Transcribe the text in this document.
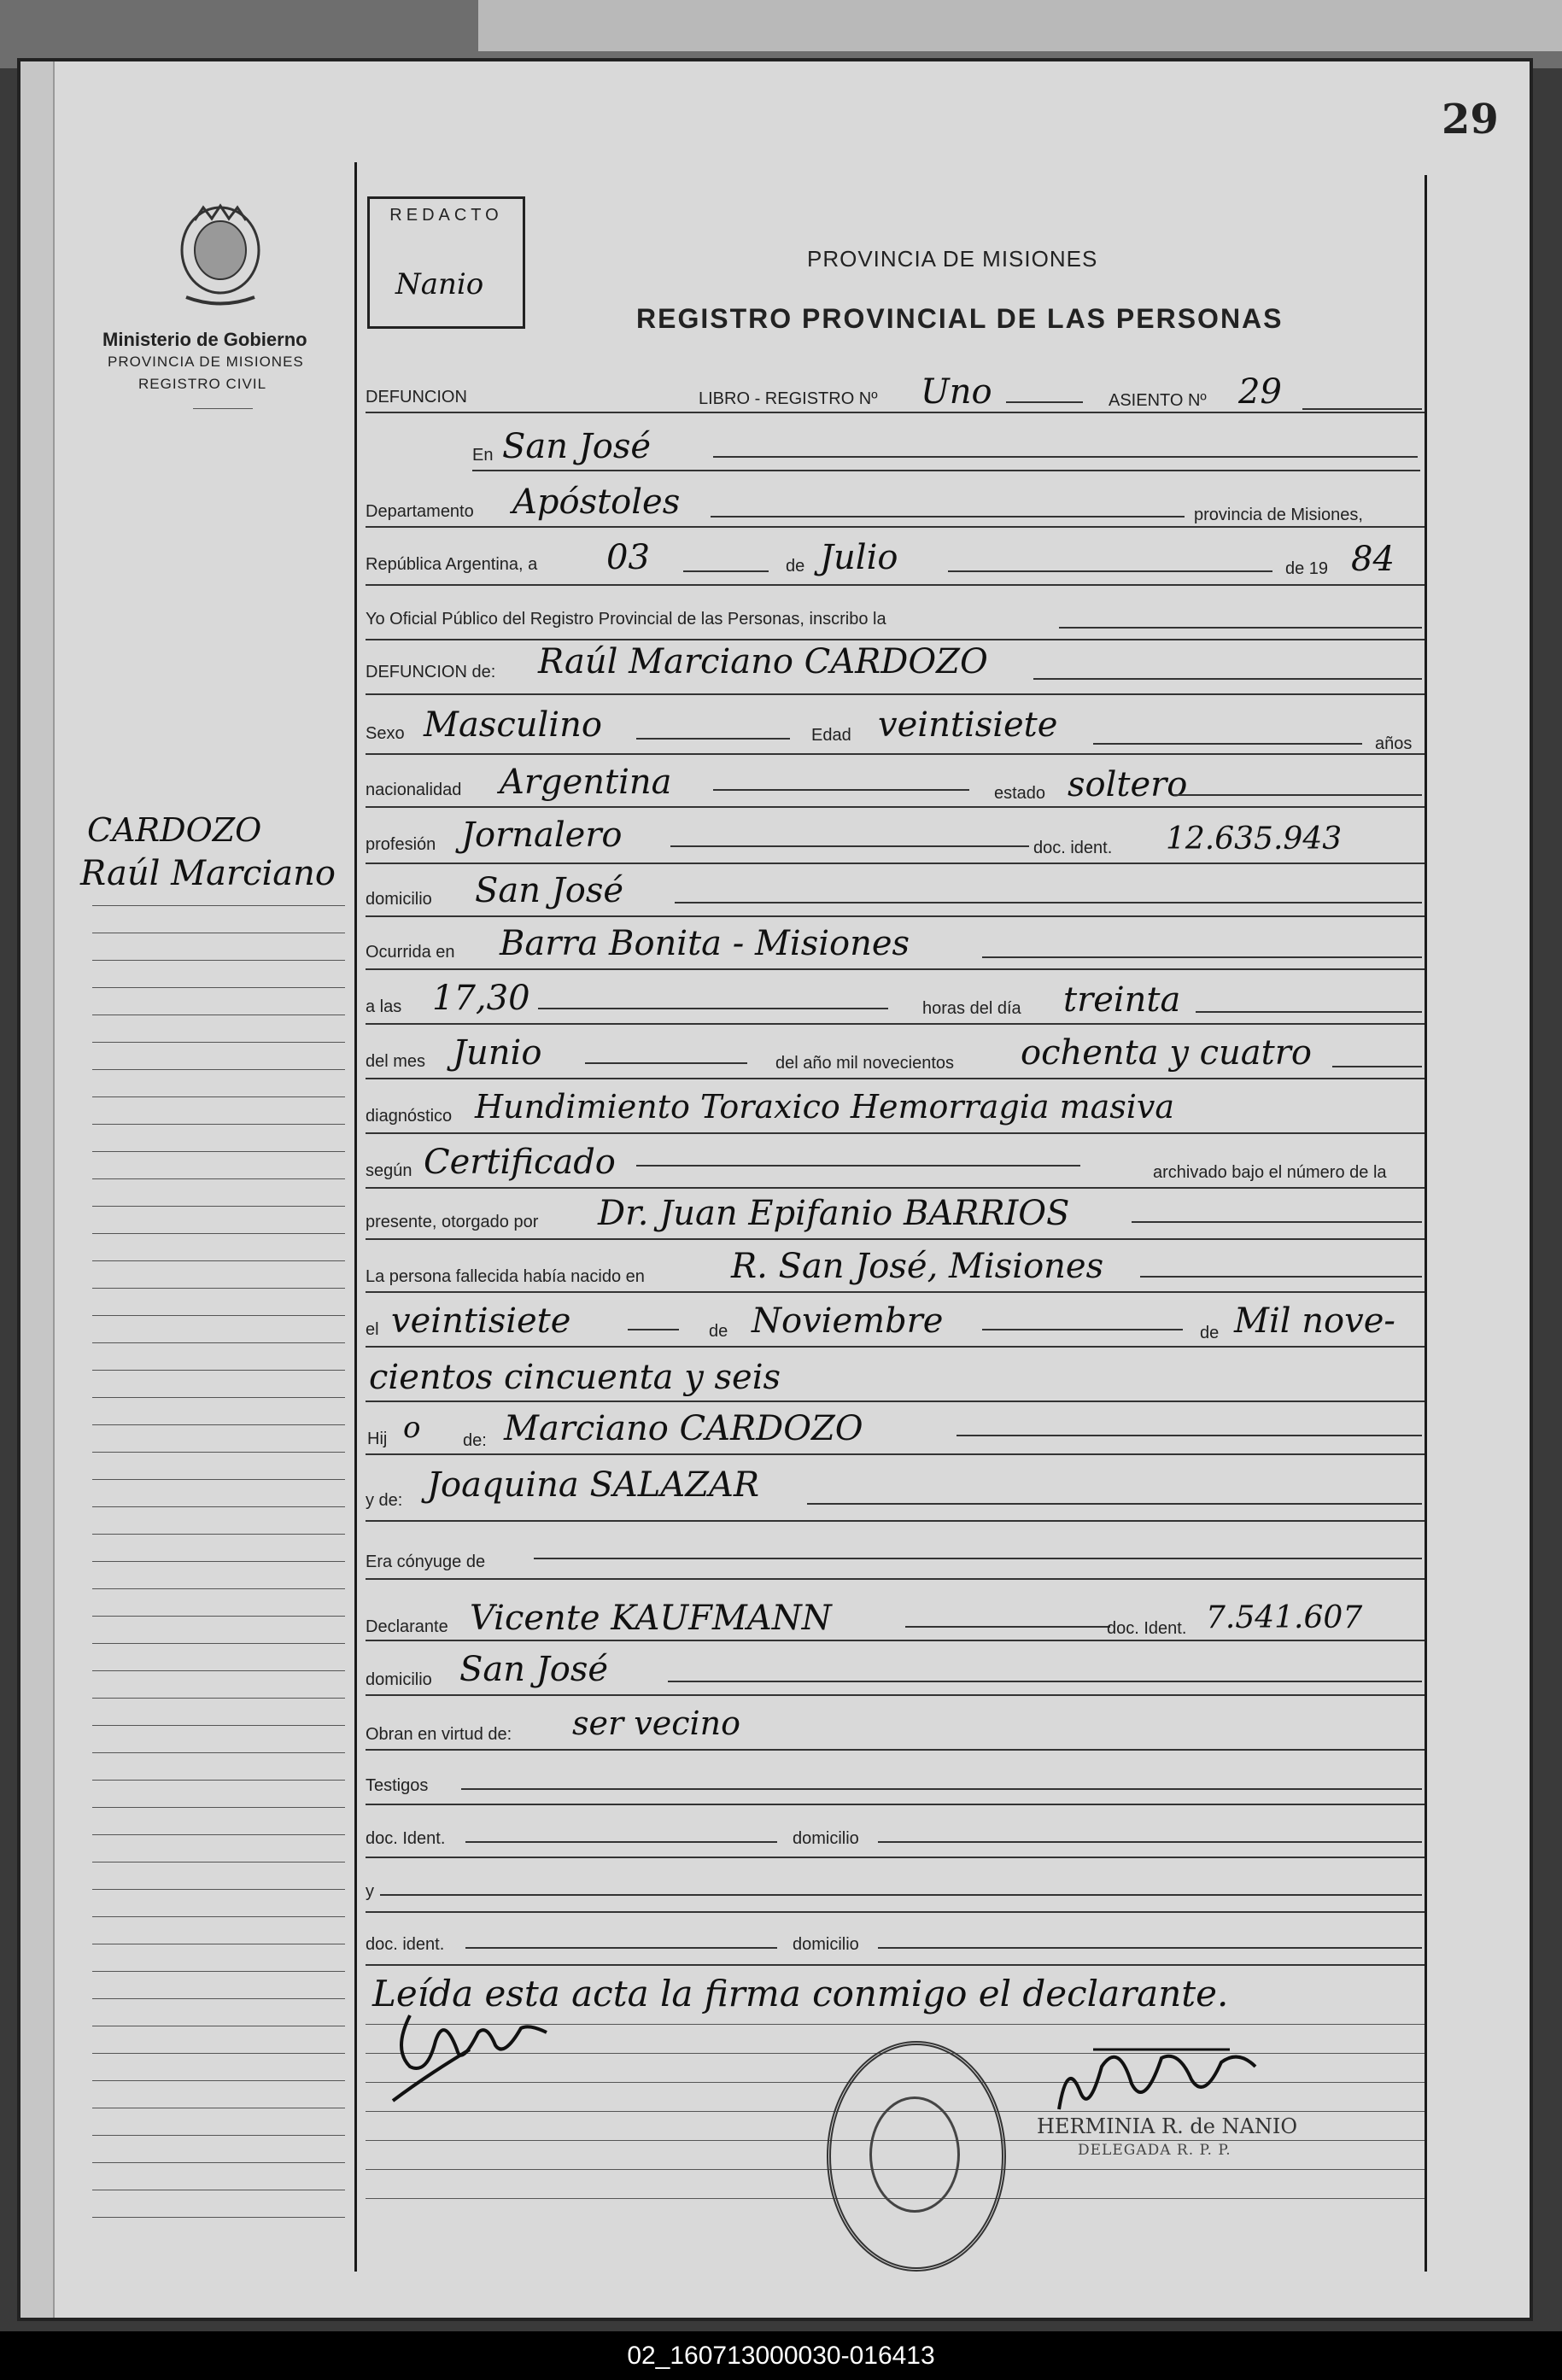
29
Ministerio de Gobierno
PROVINCIA DE MISIONES
REGISTRO CIVIL
REDACTO
Nanio
PROVINCIA DE MISIONES
REGISTRO PROVINCIAL DE LAS PERSONAS
CARDOZO
Raúl Marciano
DEFUNCION	LIBRO - REGISTRO Nº Uno	ASIENTO Nº 29
En San José
Departamento Apóstoles	provincia de Misiones,
República Argentina, a 03	de Julio	de 19 84
Yo Oficial Público del Registro Provincial de las Personas, inscribo la
DEFUNCION de: Raúl Marciano CARDOZO
Sexo Masculino	Edad veintisiete	años
nacionalidad Argentina	estado soltero
profesión Jornalero	doc. ident. 12.635.943
domicilio San José
Ocurrida en Barra Bonita - Misiones
a las 17,30	horas del día treinta
del mes Junio	del año mil novecientos ochenta y cuatro
diagnóstico Hundimiento Toraxico Hemorragia masiva
según Certificado	archivado bajo el número de la
presente, otorgado por Dr. Juan Epifanio BARRIOS
La persona fallecida había nacido en	R. San José, Misiones
el veintisiete	de Noviembre	de Mil nove-
cientos cincuenta y seis
Hij o de: Marciano CARDOZO
y de: Joaquina SALAZAR
Era cónyuge de
Declarante Vicente KAUFMANN	doc. Ident. 7.541.607
domicilio San José
Obran en virtud de: ser vecino
Testigos
doc. Ident.	domicilio
y
doc. ident.	domicilio
Leída esta acta la firma conmigo el declarante.
HERMINIA R. de NANIO
DELEGADA R. P. P.
02_160713000030-016413
